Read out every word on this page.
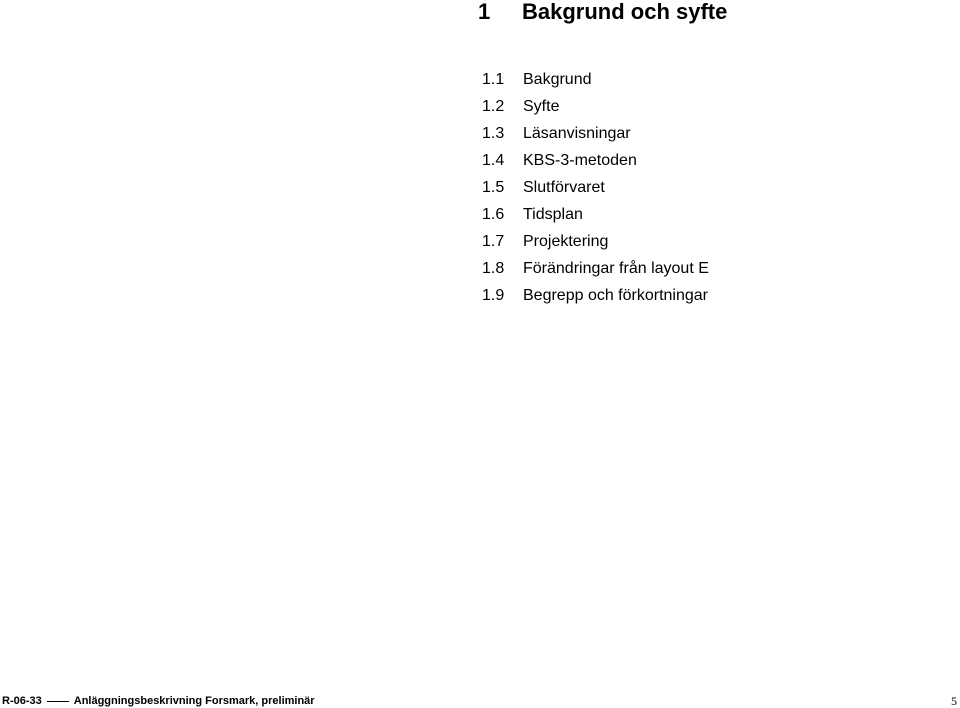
1 Bakgrund och syfte
1.1 Bakgrund
1.2 Syfte
1.3 Läsanvisningar
1.4 KBS-3-metoden
1.5 Slutförvaret
1.6 Tidsplan
1.7 Projektering
1.8 Förändringar från layout E
1.9 Begrepp och förkortningar
R-06-33	Anläggningsbeskrivning Forsmark, preliminär	5
